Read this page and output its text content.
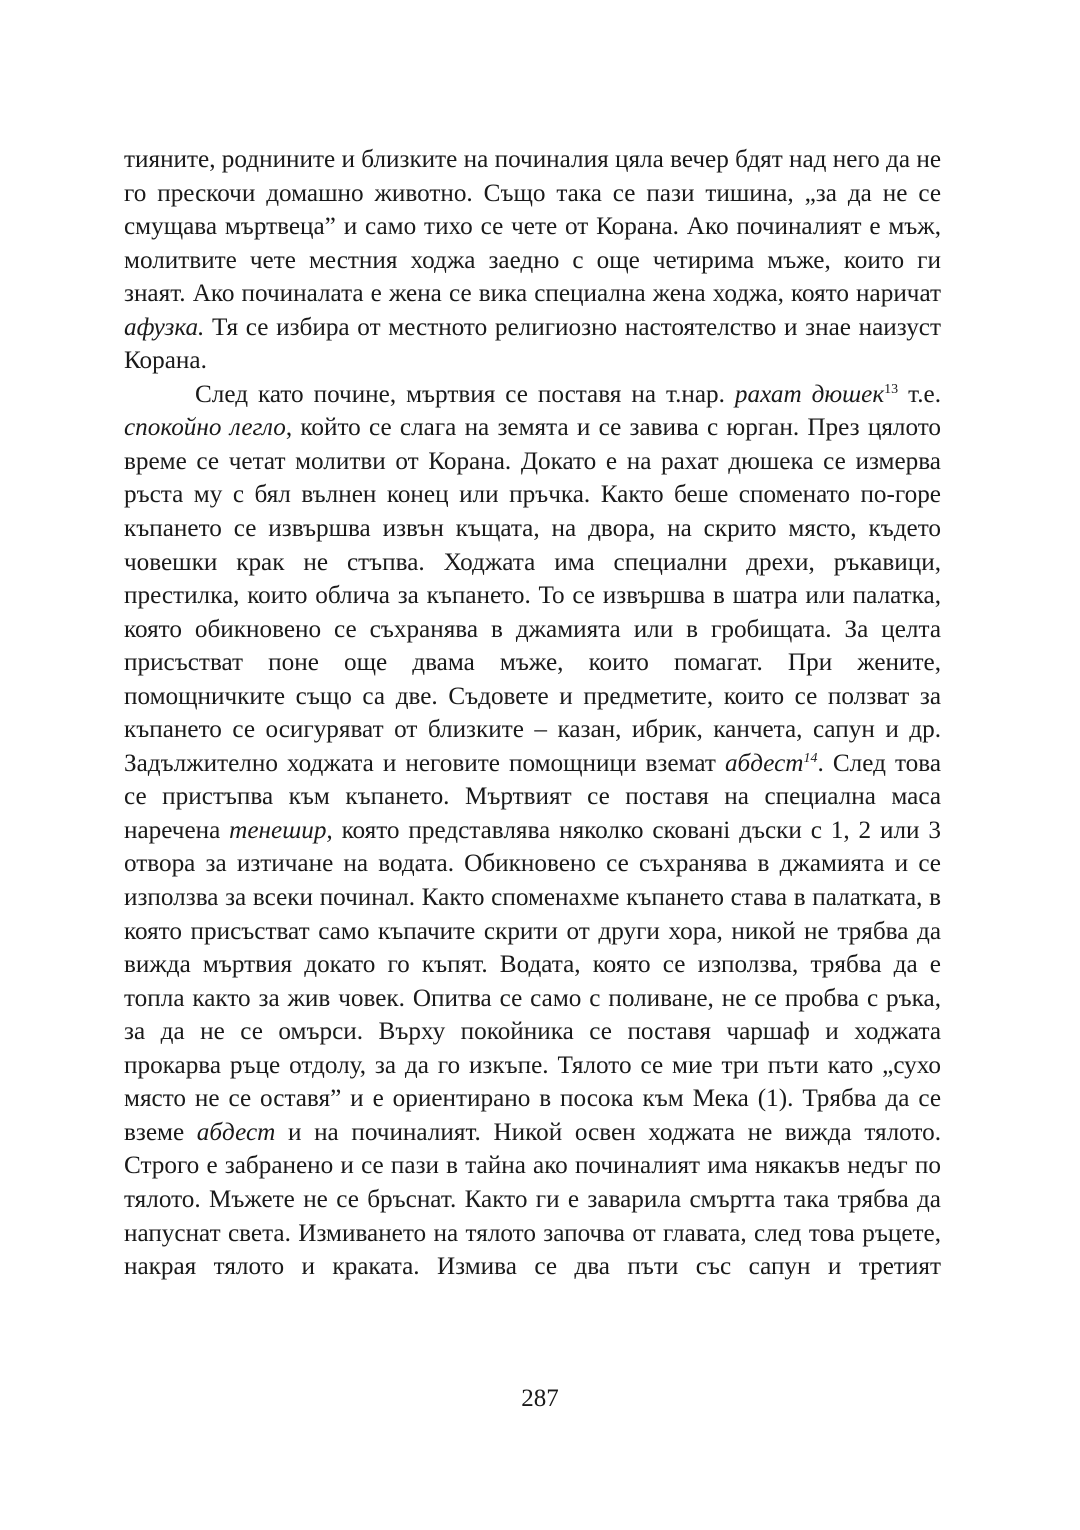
тияните, роднините и близките на починалия цяла вечер бдят над него да не го прескочи домашно животно. Също така се пази тишина, „за да не се смущава мъртвеца” и само тихо се чете от Корана. Ако починалият е мъж, молитвите чете местния ходжа заедно с още четирима мъже, които ги знаят. Ако починалата е жена се вика специална жена ходжа, която наричат афузка. Тя се избира от местното религиозно настоятелство и знае наизуст Корана.

След като почине, мъртвия се поставя на т.нар. рахат дюшек$^{13}$ т.е. спокойно легло, който се слага на земята и се завива с юрган. През цялото време се четат молитви от Корана. Докато е на рахат дюшека се измерва ръста му с бял вълнен конец или пръчка. Както беше споменато по-горе къпането се извършва извън къщата, на двора, на скрито място, където човешки крак не стъпва. Ходжата има специални дрехи, ръкавици, престилка, които облича за къпането. То се извършва в шатра или палатка, която обикновено се съхранява в джамията или в гробищата. За целта присъстват поне още двама мъже, които помагат. При жените, помощничките също са две. Съдовете и предметите, които се ползват за къпането се осигуряват от близките – казан, ибрик, канчета, сапун и др. Задължително ходжата и неговите помощници вземат абдест$^{14}$. След това се пристъпва към къпането. Мъртвият се поставя на специална маса наречена тенешир, която представлява няколко скованi дъски с 1, 2 или 3 отвора за изтичане на водата. Обикновено се съхранява в джамията и се използва за всеки починал. Както споменахме къпането става в палатката, в която присъстват само къпачите скрити от други хора, никой не трябва да вижда мъртвия докато го къпят. Водата, която се използва, трябва да е топла както за жив човек. Опитва се само с поливане, не се пробва с ръка, за да не се омърси. Върху покойника се поставя чаршаф и ходжата прокарва ръце отдолу, за да го изкъпе. Тялото се мие три пъти като „сухо място не се оставя” и е ориентирано в посока към Мека (1). Трябва да се вземе абдест и на починалият. Никой освен ходжата не вижда тялото. Строго е забранено и се пази в тайна ако починалият има някакъв недъг по тялото. Мъжете не се бръснат. Както ги е заварила смъртта така трябва да напуснат света. Измиването на тялото започва от главата, след това ръцете, накрая тялото и краката. Измива се два пъти със сапун и третият

287
